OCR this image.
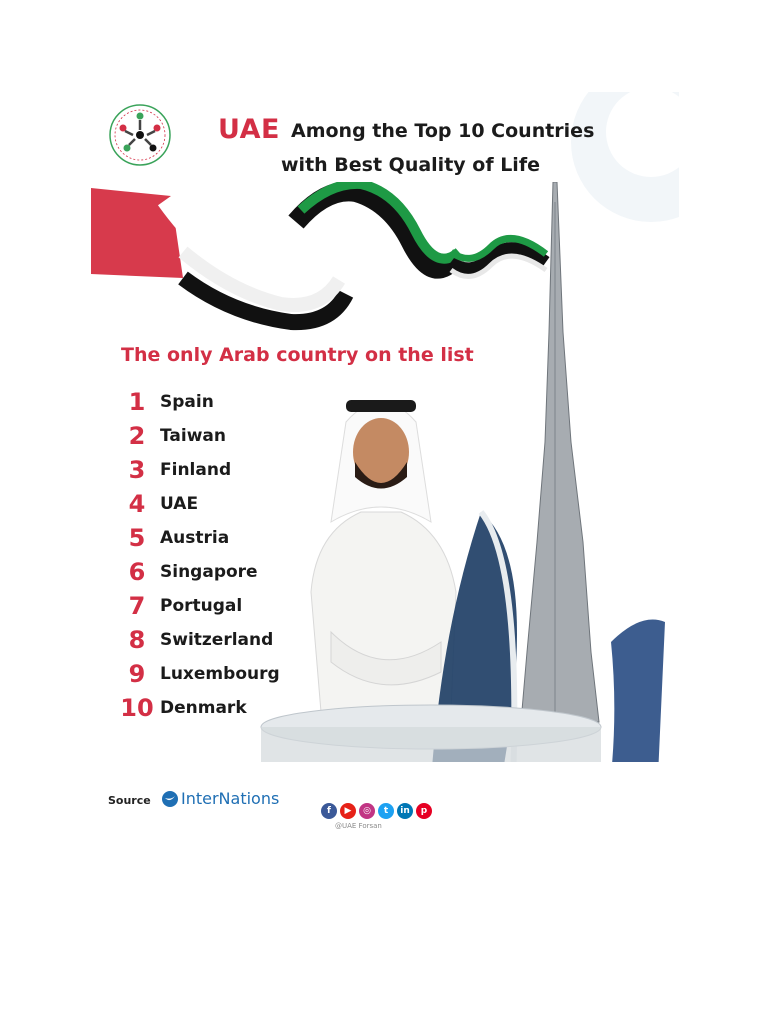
UAE Among the Top 10 Countries
with Best Quality of Life
The only Arab country on the list
1 Spain
2 Taiwan
3 Finland
4 UAE
5 Austria
6 Singapore
7 Portugal
8 Switzerland
9 Luxembourg
10 Denmark
Source InterNations
f	▶	◎	t	in	p
@UAE Forsan
